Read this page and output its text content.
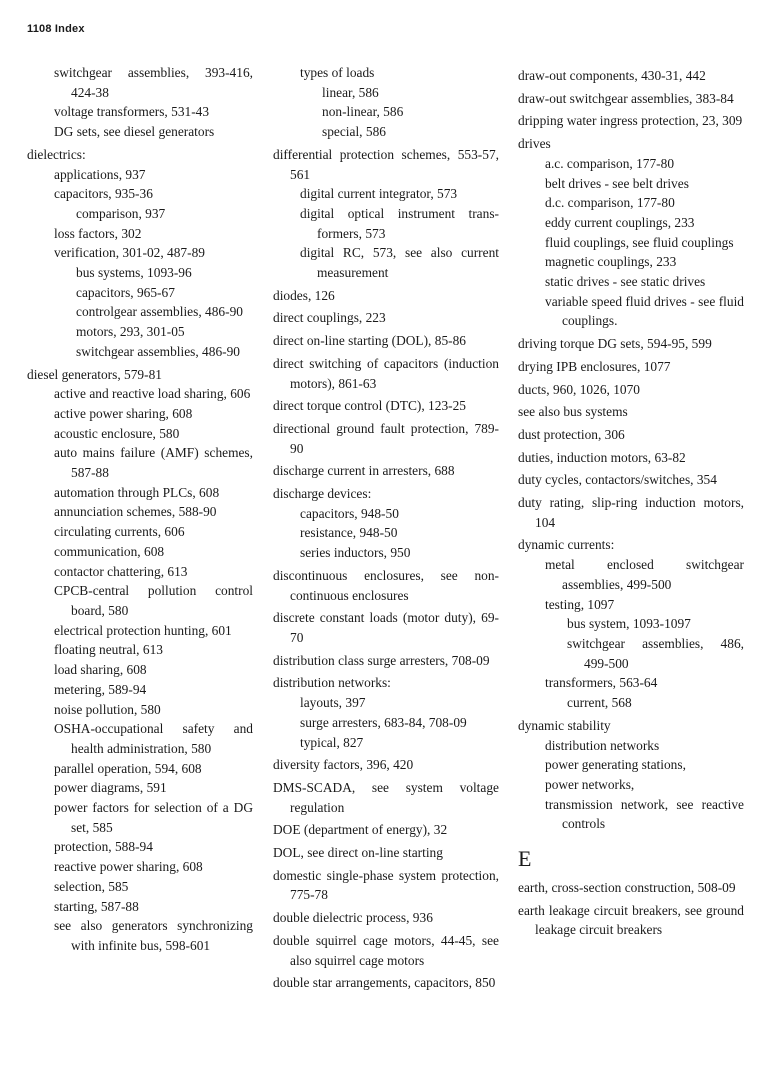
1108 Index
switchgear assemblies, 393-416, 424-38
voltage transformers, 531-43
DG sets, see diesel generators
dielectrics:
applications, 937
capacitors, 935-36
comparison, 937
loss factors, 302
verification, 301-02, 487-89
bus systems, 1093-96
capacitors, 965-67
controlgear assemblies, 486-90
motors, 293, 301-05
switchgear assemblies, 486-90
diesel generators, 579-81
active and reactive load sharing, 606
active power sharing, 608
acoustic enclosure, 580
auto mains failure (AMF) schemes, 587-88
automation through PLCs, 608
annunciation schemes, 588-90
circulating currents, 606
communication, 608
contactor chattering, 613
CPCB-central pollution control board, 580
electrical protection hunting, 601
floating neutral, 613
load sharing, 608
metering, 589-94
noise pollution, 580
OSHA-occupational safety and health administration, 580
parallel operation, 594, 608
power diagrams, 591
power factors for selection of a DG set, 585
protection, 588-94
reactive power sharing, 608
selection, 585
starting, 587-88
see also generators synchronizing with infinite bus, 598-601
types of loads
linear, 586
non-linear, 586
special, 586
differential protection schemes, 553-57, 561
digital current integrator, 573
digital optical instrument trans-formers, 573
digital RC, 573, see also current measurement
diodes, 126
direct couplings, 223
direct on-line starting (DOL), 85-86
direct switching of capacitors (induction motors), 861-63
direct torque control (DTC), 123-25
directional ground fault protection, 789-90
discharge current in arresters, 688
discharge devices:
capacitors, 948-50
resistance, 948-50
series inductors, 950
discontinuous enclosures, see non-continuous enclosures
discrete constant loads (motor duty), 69-70
distribution class surge arresters, 708-09
distribution networks:
layouts, 397
surge arresters, 683-84, 708-09
typical, 827
diversity factors, 396, 420
DMS-SCADA, see system voltage regulation
DOE (department of energy), 32
DOL, see direct on-line starting
domestic single-phase system protection, 775-78
double dielectric process, 936
double squirrel cage motors, 44-45, see also squirrel cage motors
double star arrangements, capacitors, 850
draw-out components, 430-31, 442
draw-out switchgear assemblies, 383-84
dripping water ingress protection, 23, 309
drives
a.c. comparison, 177-80
belt drives - see belt drives
d.c. comparison, 177-80
eddy current couplings, 233
fluid couplings, see fluid couplings
magnetic couplings, 233
static drives - see static drives
variable speed fluid drives - see fluid couplings.
driving torque DG sets, 594-95, 599
drying IPB enclosures, 1077
ducts, 960, 1026, 1070
see also bus systems
dust protection, 306
duties, induction motors, 63-82
duty cycles, contactors/switches, 354
duty rating, slip-ring induction motors, 104
dynamic currents:
metal enclosed switchgear assemblies, 499-500
testing, 1097
bus system, 1093-1097
switchgear assemblies, 486, 499-500
transformers, 563-64
current, 568
dynamic stability
distribution networks
power generating stations,
power networks,
transmission network, see reactive controls
E
earth, cross-section construction, 508-09
earth leakage circuit breakers, see ground leakage circuit breakers
